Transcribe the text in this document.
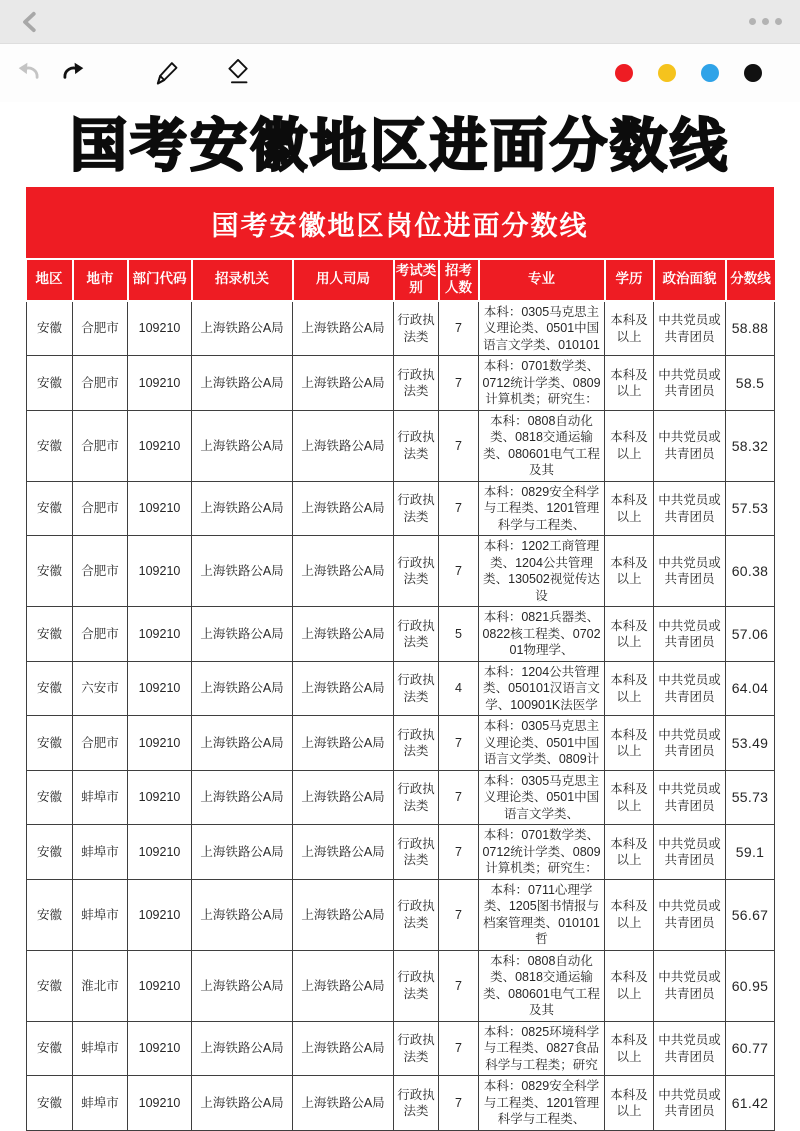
国考安徽地区进面分数线
国考安徽地区岗位进面分数线
地区	地市	部门代码	招录机关	用人司局	考试类别	招考人数	专业	学历	政治面貌	分数线
安徽	合肥市	109210	上海铁路公A局	上海铁路公A局	行政执法类	7	本科：0305马克思主义理论类、0501中国语言文学类、010101	本科及以上	中共党员或共青团员	58.88
安徽	合肥市	109210	上海铁路公A局	上海铁路公A局	行政执法类	7	本科：0701数学类、0712统计学类、0809计算机类；研究生：	本科及以上	中共党员或共青团员	58.5
安徽	合肥市	109210	上海铁路公A局	上海铁路公A局	行政执法类	7	本科：0808自动化类、0818交通运输类、080601电气工程及其	本科及以上	中共党员或共青团员	58.32
安徽	合肥市	109210	上海铁路公A局	上海铁路公A局	行政执法类	7	本科：0829安全科学与工程类、1201管理科学与工程类、	本科及以上	中共党员或共青团员	57.53
安徽	合肥市	109210	上海铁路公A局	上海铁路公A局	行政执法类	7	本科：1202工商管理类、1204公共管理类、130502视觉传达设	本科及以上	中共党员或共青团员	60.38
安徽	合肥市	109210	上海铁路公A局	上海铁路公A局	行政执法类	5	本科：0821兵器类、0822核工程类、070201物理学、	本科及以上	中共党员或共青团员	57.06
安徽	六安市	109210	上海铁路公A局	上海铁路公A局	行政执法类	4	本科：1204公共管理类、050101汉语言文学、100901K法医学	本科及以上	中共党员或共青团员	64.04
安徽	合肥市	109210	上海铁路公A局	上海铁路公A局	行政执法类	7	本科：0305马克思主义理论类、0501中国语言文学类、0809计	本科及以上	中共党员或共青团员	53.49
安徽	蚌埠市	109210	上海铁路公A局	上海铁路公A局	行政执法类	7	本科：0305马克思主义理论类、0501中国语言文学类、	本科及以上	中共党员或共青团员	55.73
安徽	蚌埠市	109210	上海铁路公A局	上海铁路公A局	行政执法类	7	本科：0701数学类、0712统计学类、0809计算机类；研究生：	本科及以上	中共党员或共青团员	59.1
安徽	蚌埠市	109210	上海铁路公A局	上海铁路公A局	行政执法类	7	本科：0711心理学类、1205图书情报与档案管理类、010101哲	本科及以上	中共党员或共青团员	56.67
安徽	淮北市	109210	上海铁路公A局	上海铁路公A局	行政执法类	7	本科：0808自动化类、0818交通运输类、080601电气工程及其	本科及以上	中共党员或共青团员	60.95
安徽	蚌埠市	109210	上海铁路公A局	上海铁路公A局	行政执法类	7	本科：0825环境科学与工程类、0827食品科学与工程类；研究	本科及以上	中共党员或共青团员	60.77
安徽	蚌埠市	109210	上海铁路公A局	上海铁路公A局	行政执法类	7	本科：0829安全科学与工程类、1201管理科学与工程类、	本科及以上	中共党员或共青团员	61.42
